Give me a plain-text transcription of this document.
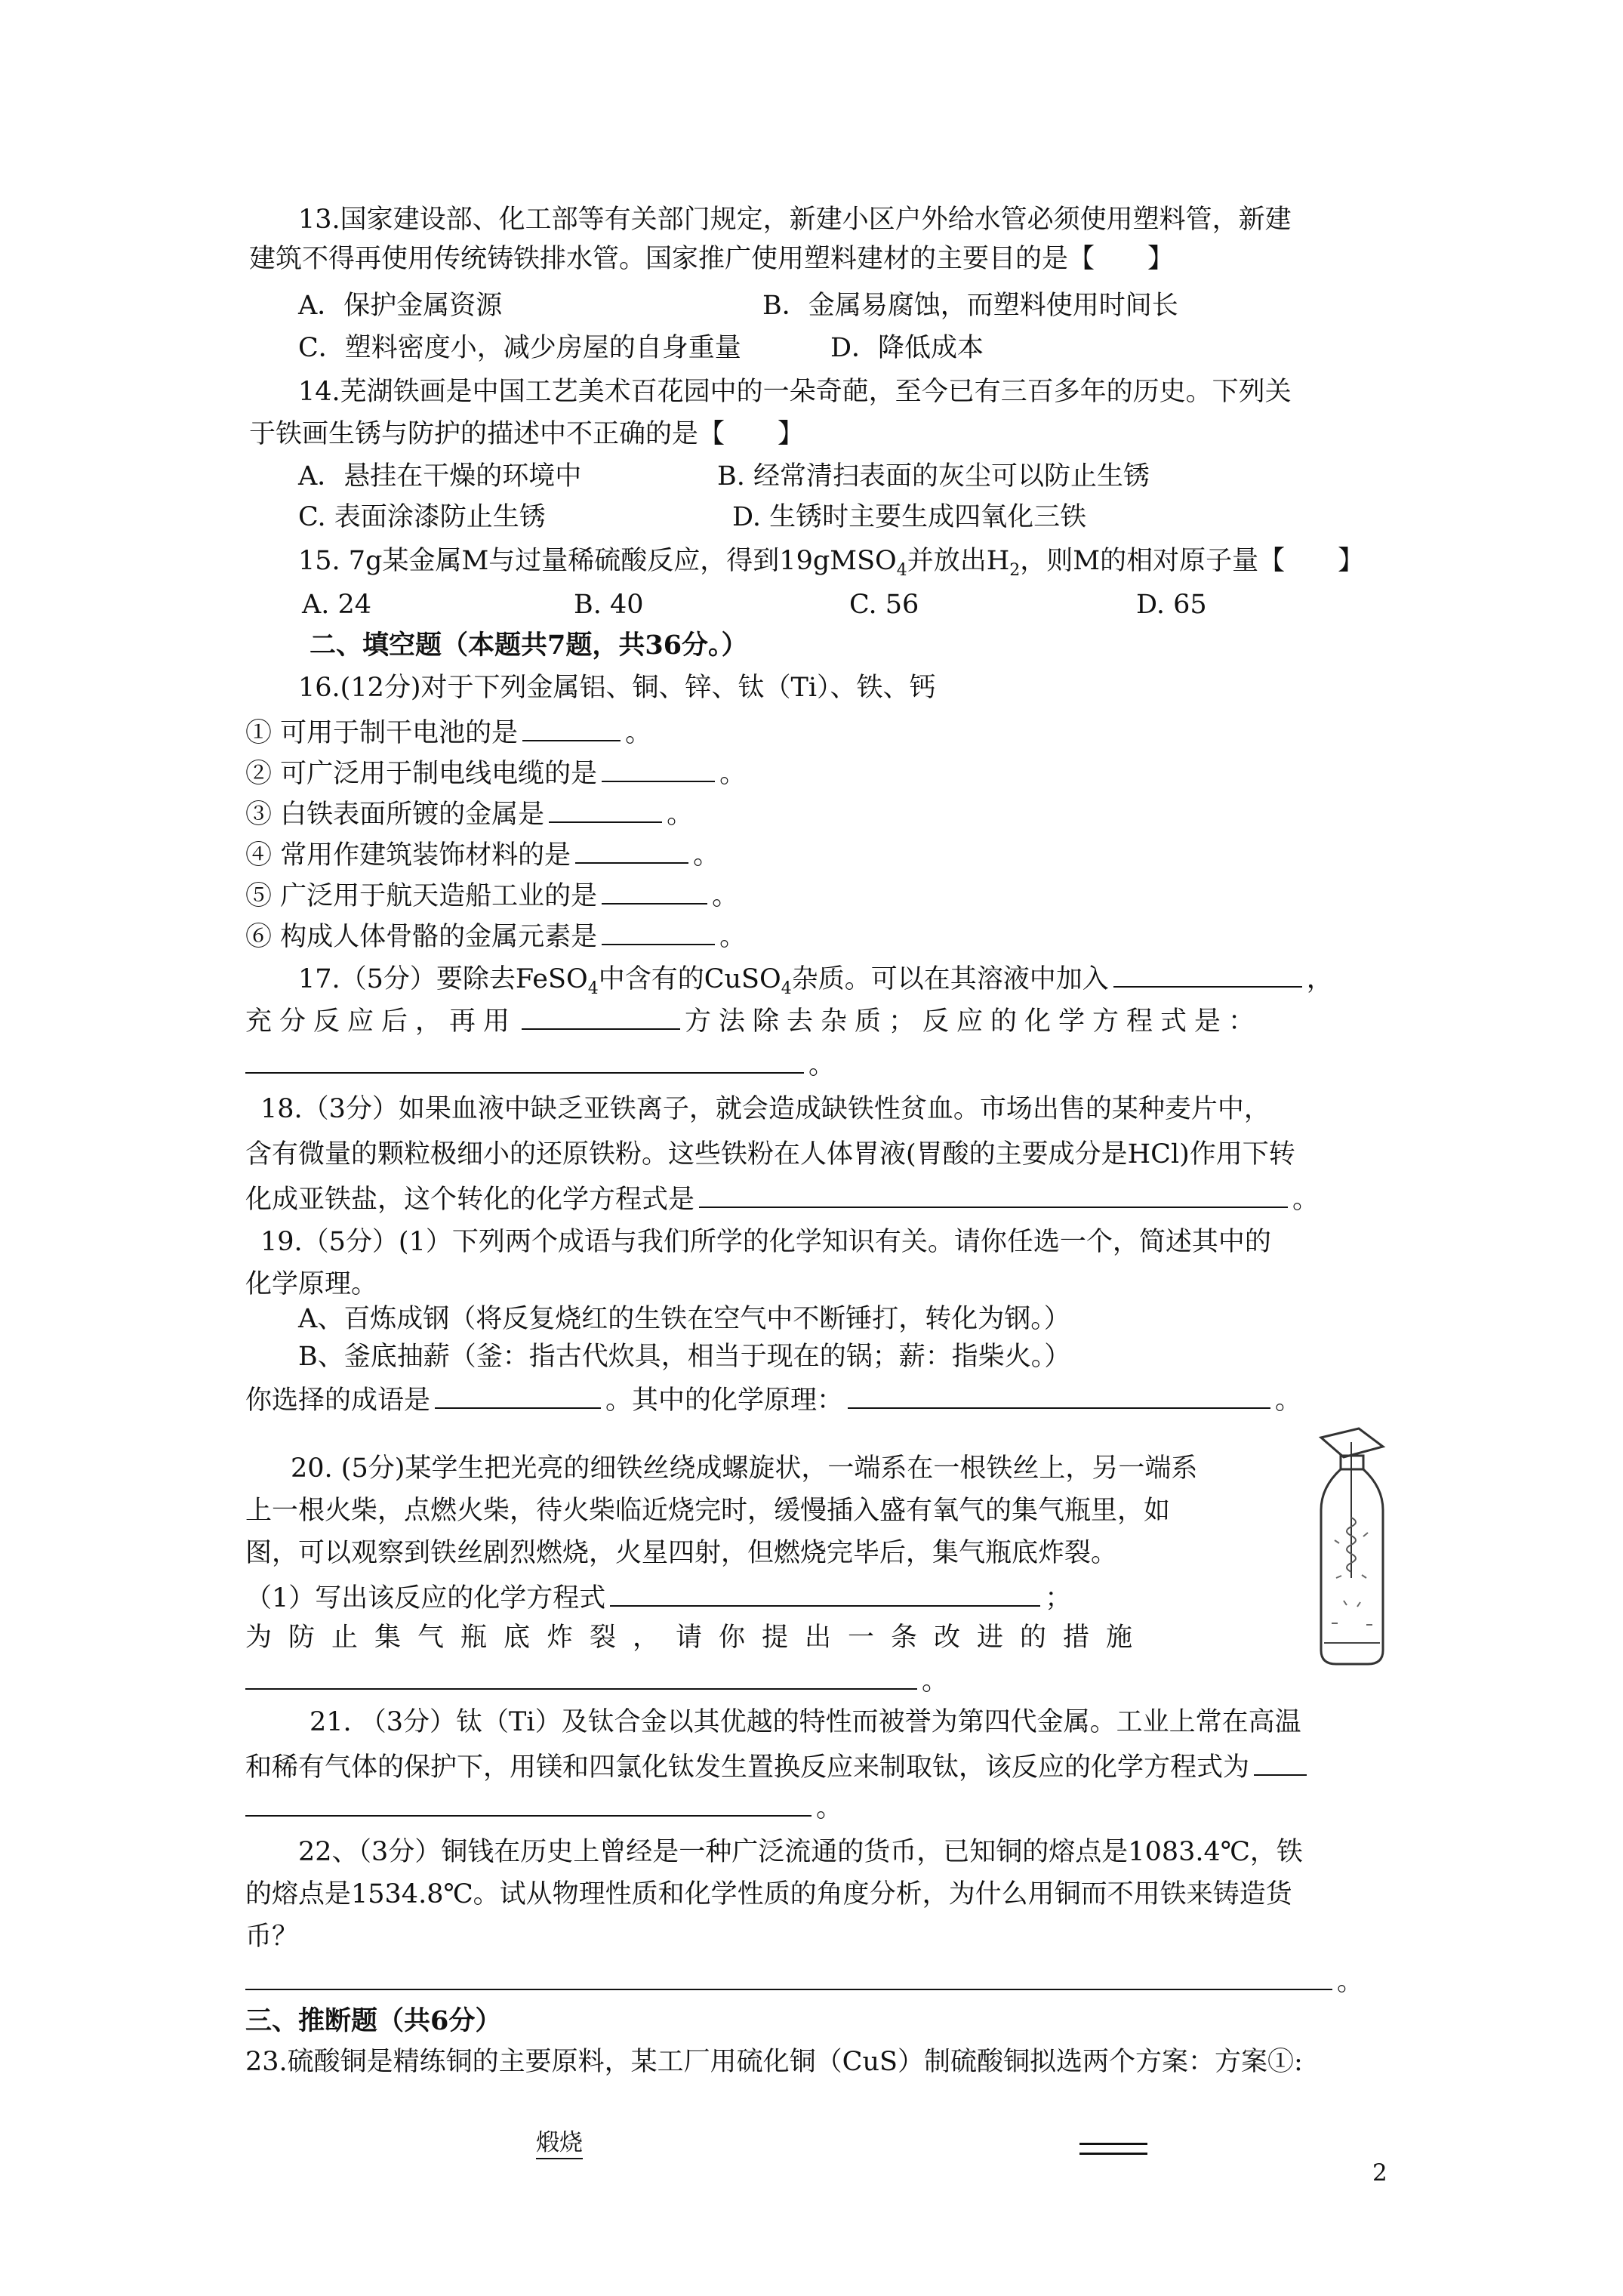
13.国家建设部、化工部等有关部门规定，新建小区户外给水管必须使用塑料管，新建
建筑不得再使用传统铸铁排水管。国家推广使用塑料建材的主要目的是【　　】
A．保护金属资源	B．金属易腐蚀，而塑料使用时间长
C．塑料密度小，减少房屋的自身重量	D．降低成本
14.芜湖铁画是中国工艺美术百花园中的一朵奇葩，至今已有三百多年的历史。下列关
于铁画生锈与防护的描述中不正确的是【　　】
A．悬挂在干燥的环境中	B. 经常清扫表面的灰尘可以防止生锈
C. 表面涂漆防止生锈	D. 生锈时主要生成四氧化三铁
15. 7g某金属M与过量稀硫酸反应，得到19gMSO$_4$并放出$H_2$，则M的相对原子量【　　】
A. 24	B. 40	C. 56	D. 65
二、填空题（本题共7题，共36分。）
16.(12分)对于下列金属铝、铜、锌、钛（Ti）、铁、钙
① 可用于制干电池的是	。
② 可广泛用于制电线电缆的是	。
③ 白铁表面所镀的金属是	。
④ 常用作建筑装饰材料的是	。
⑤ 广泛用于航天造船工业的是	。
⑥ 构成人体骨骼的金属元素是	。
17.（5分）要除去FeSO$_4$中含有的CuSO$_4$杂质。可以在其溶液中加入	，
充分反应后，再用	方法除去杂质；反应的化学方程式是：
。
18.（3分）如果血液中缺乏亚铁离子，就会造成缺铁性贫血。市场出售的某种麦片中，
含有微量的颗粒极细小的还原铁粉。这些铁粉在人体胃液(胃酸的主要成分是HCl)作用下转
化成亚铁盐，这个转化的化学方程式是	。
19.（5分）(1）下列两个成语与我们所学的化学知识有关。请你任选一个，简述其中的
化学原理。
A、百炼成钢（将反复烧红的生铁在空气中不断锤打，转化为钢。）
B、釜底抽薪（釜：指古代炊具，相当于现在的锅；薪：指柴火。）
你选择的成语是	。其中的化学原理：	。
20. (5分)某学生把光亮的细铁丝绕成螺旋状，一端系在一根铁丝上，另一端系
上一根火柴，点燃火柴，待火柴临近烧完时，缓慢插入盛有氧气的集气瓶里，如
图，可以观察到铁丝剧烈燃烧，火星四射，但燃烧完毕后，集气瓶底炸裂。
（1）写出该反应的化学方程式	；
为防止集气瓶底炸裂，请你提出一条改进的措施
。
21. （3分）钛（Ti）及钛合金以其优越的特性而被誉为第四代金属。工业上常在高温
和稀有气体的保护下，用镁和四氯化钛发生置换反应来制取钛，该反应的化学方程式为
。
22、（3分）铜钱在历史上曾经是一种广泛流通的货币，已知铜的熔点是1083.4℃，铁
的熔点是1534.8℃。试从物理性质和化学性质的角度分析，为什么用铜而不用铁来铸造货
币？
。
三、推断题（共6分）
23.硫酸铜是精练铜的主要原料，某工厂用硫化铜（CuS）制硫酸铜拟选两个方案：方案①:
煅烧
2
